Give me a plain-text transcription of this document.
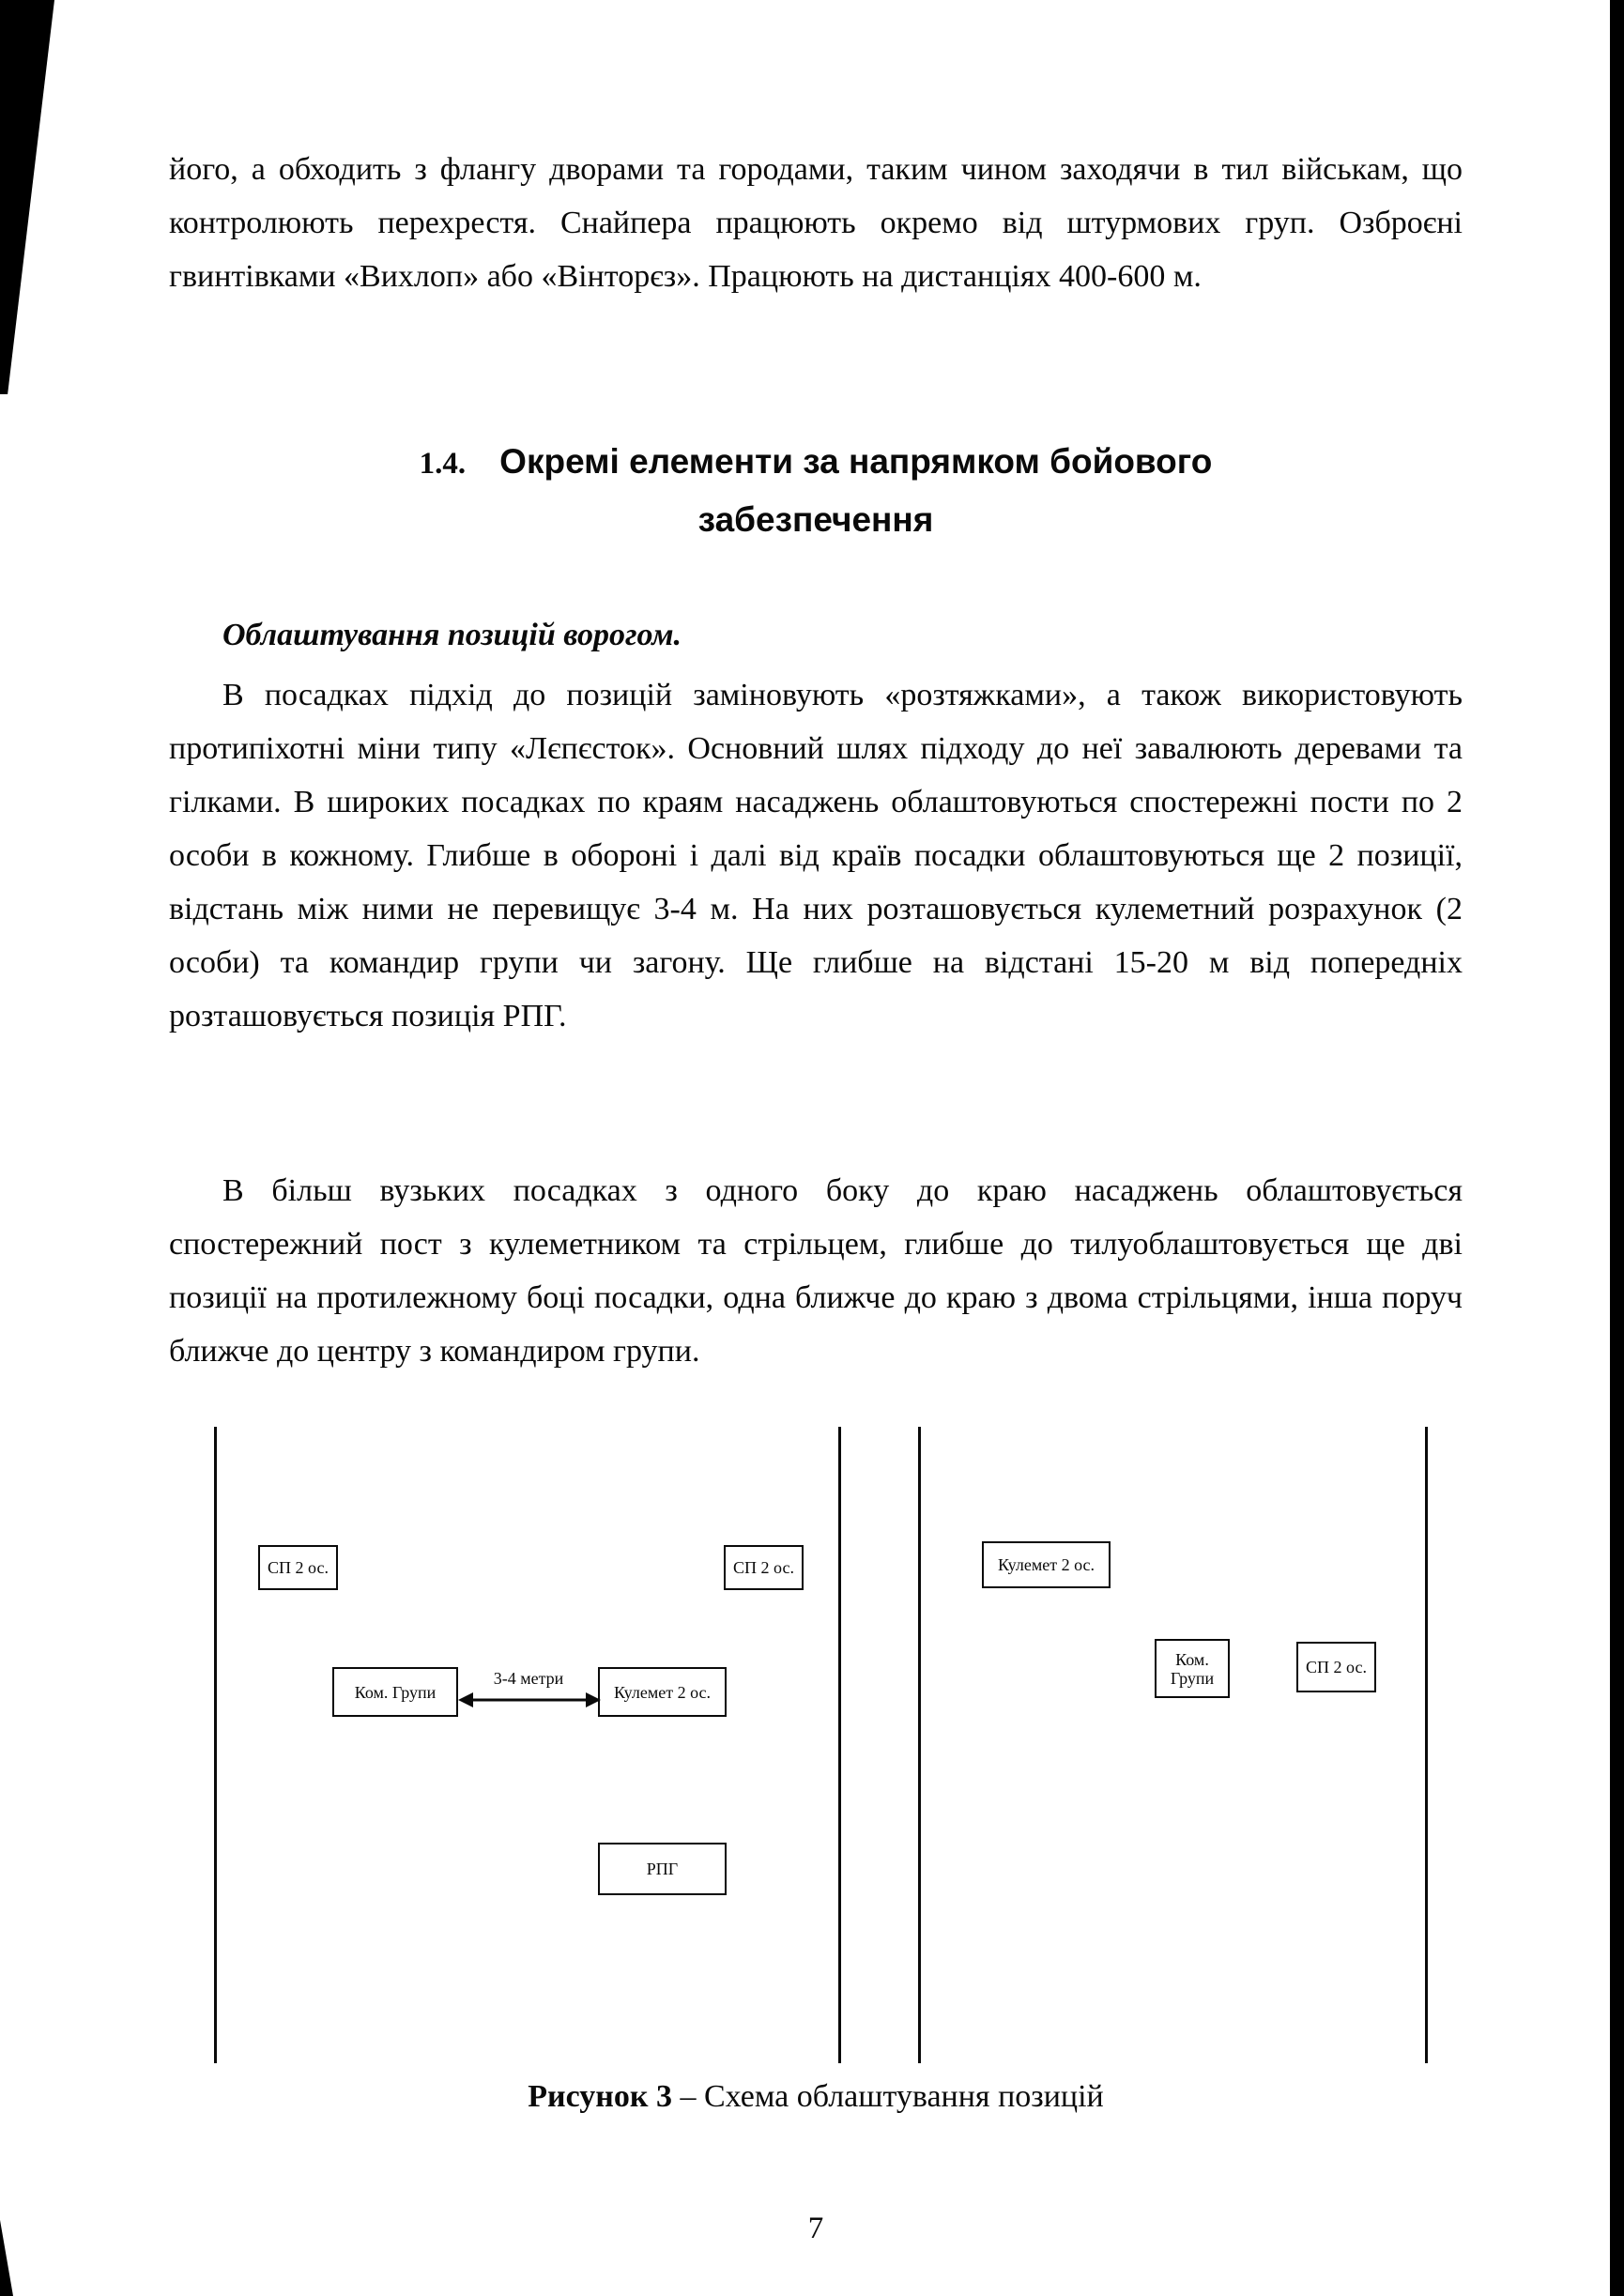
його, а обходить з флангу дворами та городами, таким чином заходячи в тил військам, що контролюють перехрестя. Снайпера працюють окремо від штурмових груп. Озброєні гвинтівками «Вихлоп» або «Вінторєз». Працюють на дистанціях 400-600 м.

1.4. Окремі елементи за напрямком бойового
забезпечення

Облаштування позицій ворогом.

В посадках підхід до позицій заміновують «розтяжками», а також використовують протипіхотні міни типу «Лєпєсток». Основний шлях підходу до неї завалюють деревами та гілками. В широких посадках по краям насаджень облаштовуються спостережні пости по 2 особи в кожному. Глибше в обороні і далі від країв посадки облаштовуються ще 2 позиції, відстань між ними не перевищує 3-4 м. На них розташовується кулеметний розрахунок (2 особи) та командир групи чи загону. Ще глибше на відстані 15-20 м від попередніх розташовується позиція РПГ.

В більш вузьких посадках з одного боку до краю насаджень облаштовується спостережний пост з кулеметником та стрільцем, глибше до тилуоблаштовується ще дві позиції на протилежному боці посадки, одна ближче до краю з двома стрільцями, інша поруч ближче до центру з командиром групи.

СП 2 ос.	СП 2 ос.
Ком. Групи	Кулемет 2 ос.
3-4 метри
РПГ
Кулемет 2 ос.
Ком. Групи
СП 2 ос.
Рисунок 3 – Схема облаштування позицій
7
